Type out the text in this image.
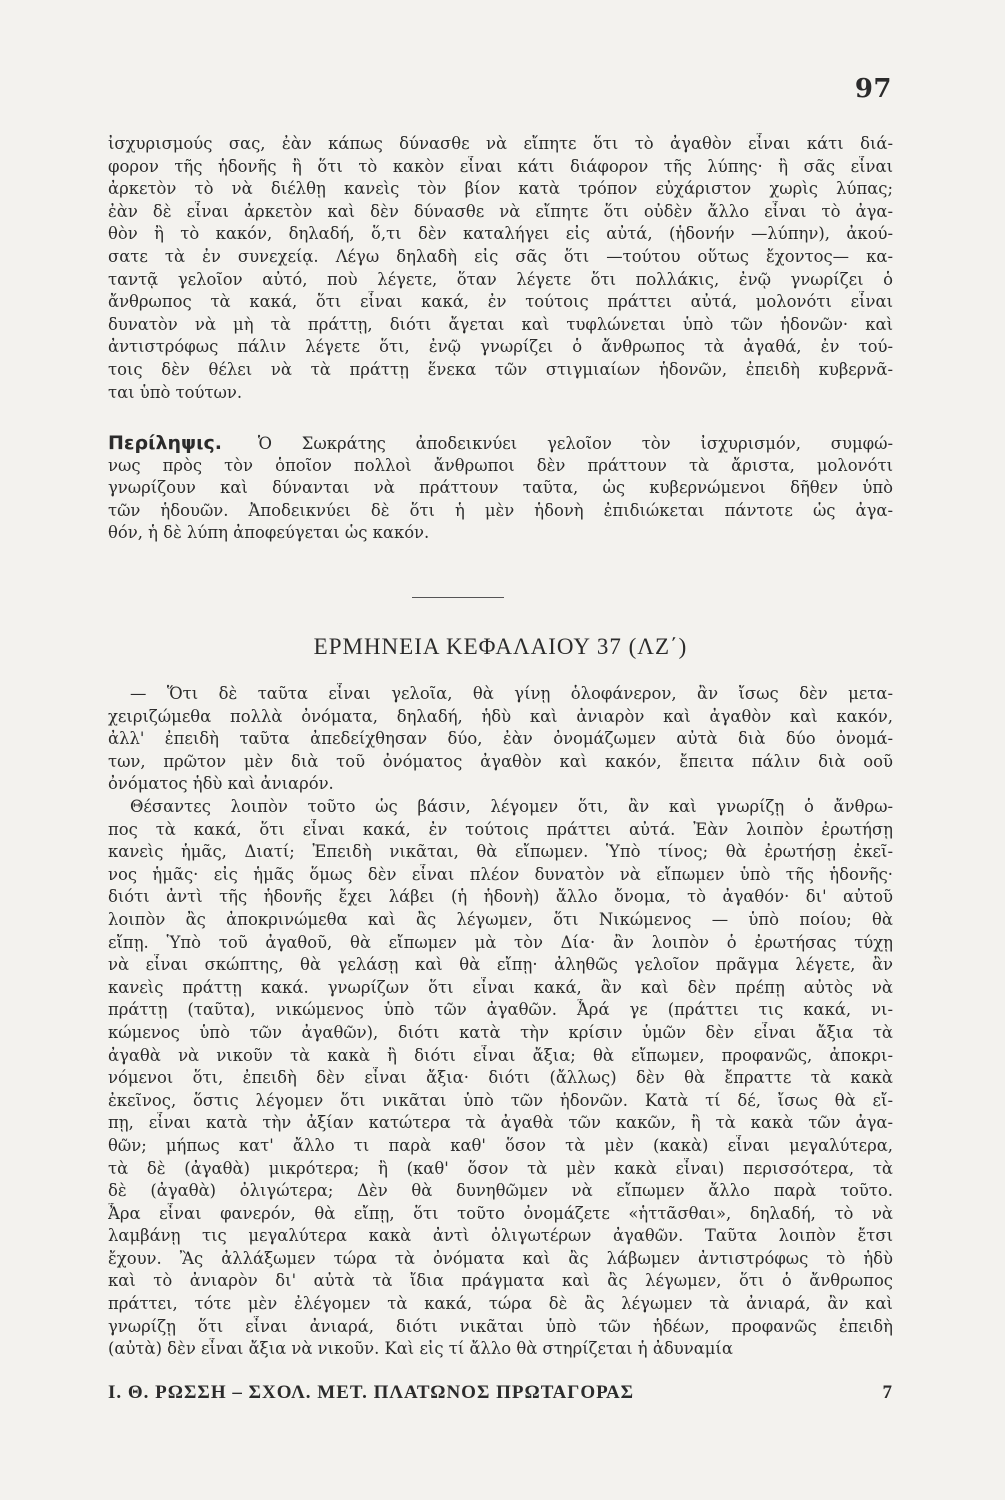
97
ἰσχυρισμούς σας, ἐὰν κάπως δύνασθε νὰ εἴπητε ὅτι τὸ ἀγαθὸν εἶναι κάτι διά-
φορον τῆς ἡδονῆς ἢ ὅτι τὸ κακὸν εἶναι κάτι διάφορον τῆς λύπης· ἢ σᾶς εἶναι
ἀρκετὸν τὸ νὰ διέλθῃ κανεὶς τὸν βίον κατὰ τρόπον εὐχάριστον χωρὶς λύπας;
ἐὰν δὲ εἶναι ἀρκετὸν καὶ δὲν δύνασθε νὰ εἴπητε ὅτι οὐδὲν ἄλλο εἶναι τὸ ἀγα-
θὸν ἢ τὸ κακόν, δηλαδή, ὅ,τι δὲν καταλήγει εἰς αὐτά, (ἡδονήν —λύπην), ἀκού-
σατε τὰ ἐν συνεχείᾳ. Λέγω δηλαδὴ εἰς σᾶς ὅτι —τούτου οὕτως ἔχοντος— κα-
ταντᾷ γελοῖον αὐτό, ποὺ λέγετε, ὅταν λέγετε ὅτι πολλάκις, ἐνῷ γνωρίζει ὁ
ἄνθρωπος τὰ κακά, ὅτι εἶναι κακά, ἐν τούτοις πράττει αὐτά, μολονότι εἶναι
δυνατὸν νὰ μὴ τὰ πράττῃ, διότι ἄγεται καὶ τυφλώνεται ὑπὸ τῶν ἡδονῶν· καὶ
ἀντιστρόφως πάλιν λέγετε ὅτι, ἐνῷ γνωρίζει ὁ ἄνθρωπος τὰ ἀγαθά, ἐν τού-
τοις δὲν θέλει νὰ τὰ πράττῃ ἕνεκα τῶν στιγμιαίων ἡδονῶν, ἐπειδὴ κυβερνᾶ-
ται ὑπὸ τούτων.
Περίληψις. Ὁ Σωκράτης ἀποδεικνύει γελοῖον τὸν ἰσχυρισμόν, συμφώ-
νως πρὸς τὸν ὁποῖον πολλοὶ ἄνθρωποι δὲν πράττουν τὰ ἄριστα, μολονότι
γνωρίζουν καὶ δύνανται νὰ πράττουν ταῦτα, ὡς κυβερνώμενοι δῆθεν ὑπὸ
τῶν ἡδουῶν. Ἀποδεικνύει δὲ ὅτι ἡ μὲν ἡδονὴ ἐπιδιώκεται πάντοτε ὡς ἀγα-
θόν, ἡ δὲ λύπη ἀποφεύγεται ὡς κακόν.
ΕΡΜΗΝΕΙΑ ΚΕΦΑΛΑΙΟΥ 37 (ΛΖ΄)
— Ὅτι δὲ ταῦτα εἶναι γελοῖα, θὰ γίνῃ ὁλοφάνερον, ἂν ἴσως δὲν μετα-
χειριζώμεθα πολλὰ ὀνόματα, δηλαδή, ἡδὺ καὶ ἀνιαρὸν καὶ ἀγαθὸν καὶ κακόν,
ἀλλ' ἐπειδὴ ταῦτα ἀπεδείχθησαν δύο, ἐὰν ὀνομάζωμεν αὐτὰ διὰ δύο ὀνομά-
των, πρῶτον μὲν διὰ τοῦ ὀνόματος ἀγαθὸν καὶ κακόν, ἔπειτα πάλιν διὰ οοῦ
ὀνόματος ἡδὺ καὶ ἀνιαρόν.
Θέσαντες λοιπὸν τοῦτο ὡς βάσιν, λέγομεν ὅτι, ἂν καὶ γνωρίζῃ ὁ ἄνθρω-
πος τὰ κακά, ὅτι εἶναι κακά, ἐν τούτοις πράττει αὐτά. Ἐὰν λοιπὸν ἐρωτήσῃ
κανεὶς ἡμᾶς, Διατί; Ἐπειδὴ νικᾶται, θὰ εἴπωμεν. Ὑπὸ τίνος; θὰ ἐρωτήσῃ ἐκεῖ-
νος ἡμᾶς· εἰς ἡμᾶς ὅμως δὲν εἶναι πλέον δυνατὸν νὰ εἴπωμεν ὑπὸ τῆς ἡδονῆς·
διότι ἀντὶ τῆς ἡδονῆς ἔχει λάβει (ἡ ἡδονὴ) ἄλλο ὄνομα, τὸ ἀγαθόν· δι' αὐτοῦ
λοιπὸν ἂς ἀποκρινώμεθα καὶ ἂς λέγωμεν, ὅτι Νικώμενος — ὑπὸ ποίου; θὰ
εἴπῃ. Ὑπὸ τοῦ ἀγαθοῦ, θὰ εἴπωμεν μὰ τὸν Δία· ἂν λοιπὸν ὁ ἐρωτήσας τύχῃ
νὰ εἶναι σκώπτης, θὰ γελάσῃ καὶ θὰ εἴπῃ· ἀληθῶς γελοῖον πρᾶγμα λέγετε, ἂν
κανεὶς πράττῃ κακά. γνωρίζων ὅτι εἶναι κακά, ἂν καὶ δὲν πρέπῃ αὐτὸς νὰ
πράττῃ (ταῦτα), νικώμενος ὑπὸ τῶν ἀγαθῶν. Ἆρά γε (πράττει τις κακά, νι-
κώμενος ὑπὸ τῶν ἀγαθῶν), διότι κατὰ τὴν κρίσιν ὑμῶν δὲν εἶναι ἄξια τὰ
ἀγαθὰ νὰ νικοῦν τὰ κακὰ ἢ διότι εἶναι ἄξια; θὰ εἴπωμεν, προφανῶς, ἀποκρι-
νόμενοι ὅτι, ἐπειδὴ δὲν εἶναι ἄξια· διότι (ἄλλως) δὲν θὰ ἔπραττε τὰ κακὰ
ἐκεῖνος, ὅστις λέγομεν ὅτι νικᾶται ὑπὸ τῶν ἡδονῶν. Κατὰ τί δέ, ἴσως θὰ εἴ-
πῃ, εἶναι κατὰ τὴν ἀξίαν κατώτερα τὰ ἀγαθὰ τῶν κακῶν, ἢ τὰ κακὰ τῶν ἀγα-
θῶν; μήπως κατ' ἄλλο τι παρὰ καθ' ὅσον τὰ μὲν (κακὰ) εἶναι μεγαλύτερα,
τὰ δὲ (ἀγαθὰ) μικρότερα; ἢ (καθ' ὅσον τὰ μὲν κακὰ εἶναι) περισσότερα, τὰ
δὲ (ἀγαθὰ) ὀλιγώτερα; Δὲν θὰ δυνηθῶμεν νὰ εἴπωμεν ἄλλο παρὰ τοῦτο.
Ἆρα εἶναι φανερόν, θὰ εἴπῃ, ὅτι τοῦτο ὀνομάζετε «ἡττᾶσθαι», δηλαδή, τὸ νὰ
λαμβάνῃ τις μεγαλύτερα κακὰ ἀντὶ ὀλιγωτέρων ἀγαθῶν. Ταῦτα λοιπὸν ἔτσι
ἔχουν. Ἂς ἀλλάξωμεν τώρα τὰ ὀνόματα καὶ ἂς λάβωμεν ἀντιστρόφως τὸ ἡδὺ
καὶ τὸ ἀνιαρὸν δι' αὐτὰ τὰ ἴδια πράγματα καὶ ἂς λέγωμεν, ὅτι ὁ ἄνθρωπος
πράττει, τότε μὲν ἐλέγομεν τὰ κακά, τώρα δὲ ἂς λέγωμεν τὰ ἀνιαρά, ἂν καὶ
γνωρίζῃ ὅτι εἶναι ἀνιαρά, διότι νικᾶται ὑπὸ τῶν ἡδέων, προφανῶς ἐπειδὴ
(αὐτὰ) δὲν εἶναι ἄξια νὰ νικοῦν. Καὶ εἰς τί ἄλλο θὰ στηρίζεται ἡ ἀδυναμία
Ι. Θ. ΡΩΣΣΗ – ΣΧΟΛ. ΜΕΤ. ΠΛΑΤΩΝΟΣ ΠΡΩΤΑΓΟΡΑΣ	7
